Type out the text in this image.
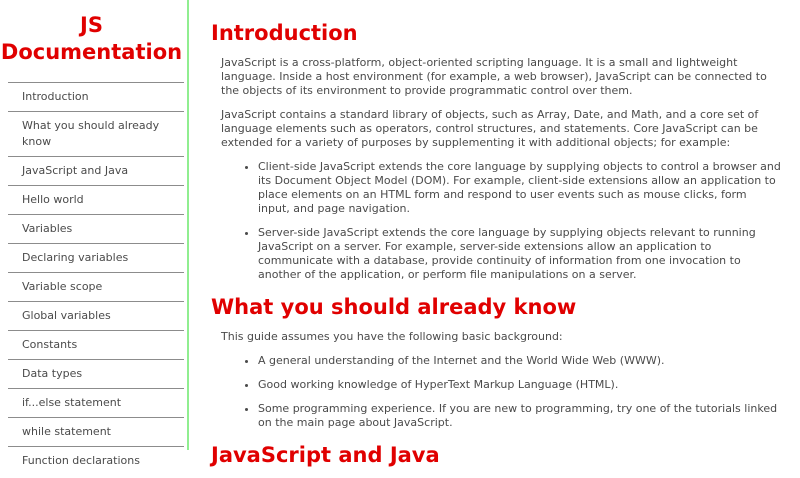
JS
Documentation
Introduction
What you should already know
JavaScript and Java
Hello world
Variables
Declaring variables
Variable scope
Global variables
Constants
Data types
if...else statement
while statement
Function declarations
Introduction

JavaScript is a cross-platform, object-oriented scripting language. It is a small and lightweight language. Inside a host environment (for example, a web browser), JavaScript can be connected to the objects of its environment to provide programmatic control over them.

JavaScript contains a standard library of objects, such as Array, Date, and Math, and a core set of language elements such as operators, control structures, and statements. Core JavaScript can be extended for a variety of purposes by supplementing it with additional objects; for example:

• Client-side JavaScript extends the core language by supplying objects to control a browser and its Document Object Model (DOM). For example, client-side extensions allow an application to place elements on an HTML form and respond to user events such as mouse clicks, form input, and page navigation.
• Server-side JavaScript extends the core language by supplying objects relevant to running JavaScript on a server. For example, server-side extensions allow an application to communicate with a database, provide continuity of information from one invocation to another of the application, or perform file manipulations on a server.
What you should already know

This guide assumes you have the following basic background:

• A general understanding of the Internet and the World Wide Web (WWW).
• Good working knowledge of HyperText Markup Language (HTML).
• Some programming experience. If you are new to programming, try one of the tutorials linked on the main page about JavaScript.
JavaScript and Java
